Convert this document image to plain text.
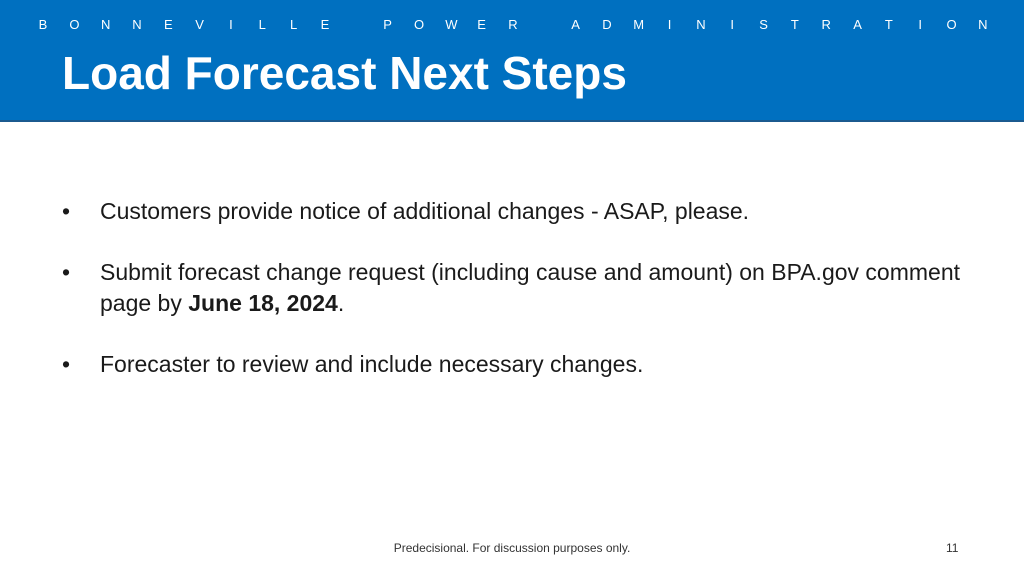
B O N N E V I L L E	P O W E R	A D M I N I S T R A T I O N
Load Forecast Next Steps
• Customers provide notice of additional changes - ASAP, please.
• Submit forecast change request (including cause and amount) on BPA.gov comment page by June 18, 2024.
• Forecaster to review and include necessary changes.

Predecisional. For discussion purposes only.	11
